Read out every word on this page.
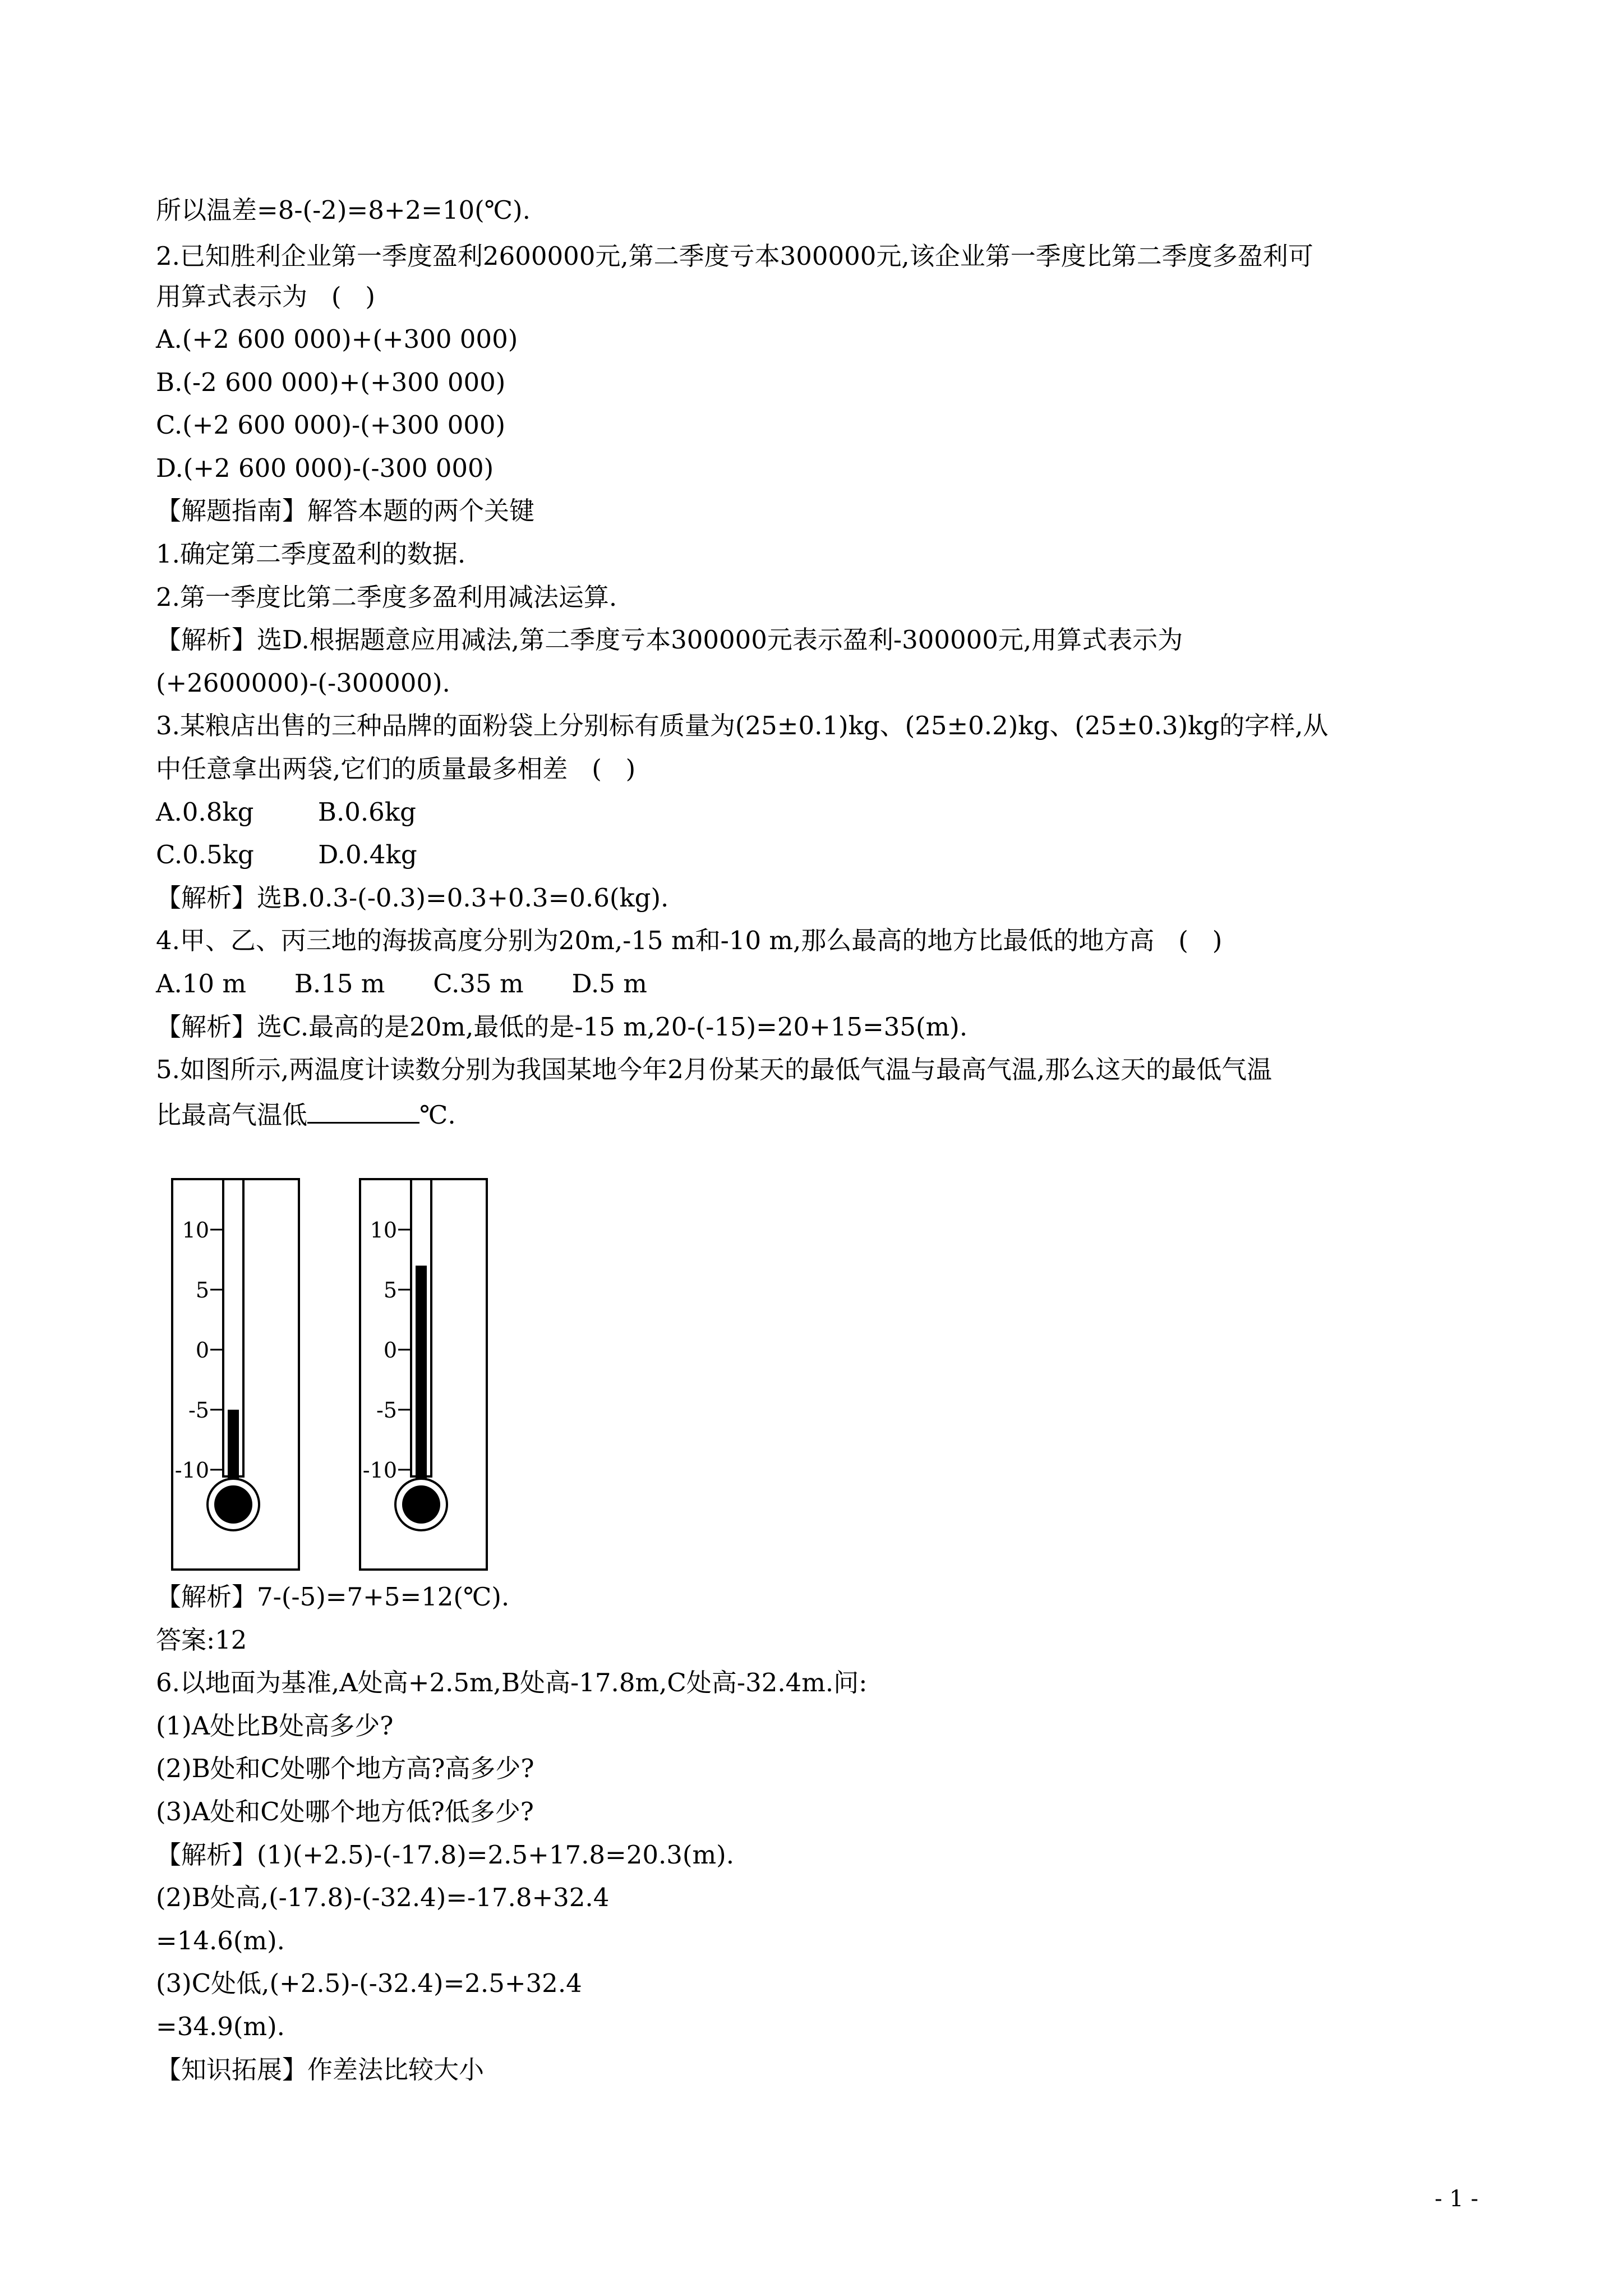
所以温差=8-(-2)=8+2=10(℃).
2.已知胜利企业第一季度盈利2600000元,第二季度亏本300000元,该企业第一季度比第二季度多盈利可
用算式表示为   (   )
A.(+2 600 000)+(+300 000)
B.(-2 600 000)+(+300 000)
C.(+2 600 000)-(+300 000)
D.(+2 600 000)-(-300 000)
【解题指南】解答本题的两个关键
1.确定第二季度盈利的数据.
2.第一季度比第二季度多盈利用减法运算.
【解析】选D.根据题意应用减法,第二季度亏本300000元表示盈利-300000元,用算式表示为
(+2600000)-(-300000).
3.某粮店出售的三种品牌的面粉袋上分别标有质量为(25±0.1)kg、(25±0.2)kg、(25±0.3)kg的字样,从
中任意拿出两袋,它们的质量最多相差   (   )
A.0.8kg        B.0.6kg
C.0.5kg        D.0.4kg
【解析】选B.0.3-(-0.3)=0.3+0.3=0.6(kg).
4.甲、乙、丙三地的海拔高度分别为20m,-15 m和-10 m,那么最高的地方比最低的地方高   (   )
A.10 m      B.15 m      C.35 m      D.5 m
【解析】选C.最高的是20m,最低的是-15 m,20-(-15)=20+15=35(m).
5.如图所示,两温度计读数分别为我国某地今年2月份某天的最低气温与最高气温,那么这天的最低气温
比最高气温低	℃.
10
5
0
-5
-10
10
5
0
-5
-10
【解析】7-(-5)=7+5=12(℃).
答案:12
6.以地面为基准,A处高+2.5m,B处高-17.8m,C处高-32.4m.问:
(1)A处比B处高多少?
(2)B处和C处哪个地方高?高多少?
(3)A处和C处哪个地方低?低多少?
【解析】(1)(+2.5)-(-17.8)=2.5+17.8=20.3(m).
(2)B处高,(-17.8)-(-32.4)=-17.8+32.4
=14.6(m).
(3)C处低,(+2.5)-(-32.4)=2.5+32.4
=34.9(m).
【知识拓展】作差法比较大小
- 1 -
